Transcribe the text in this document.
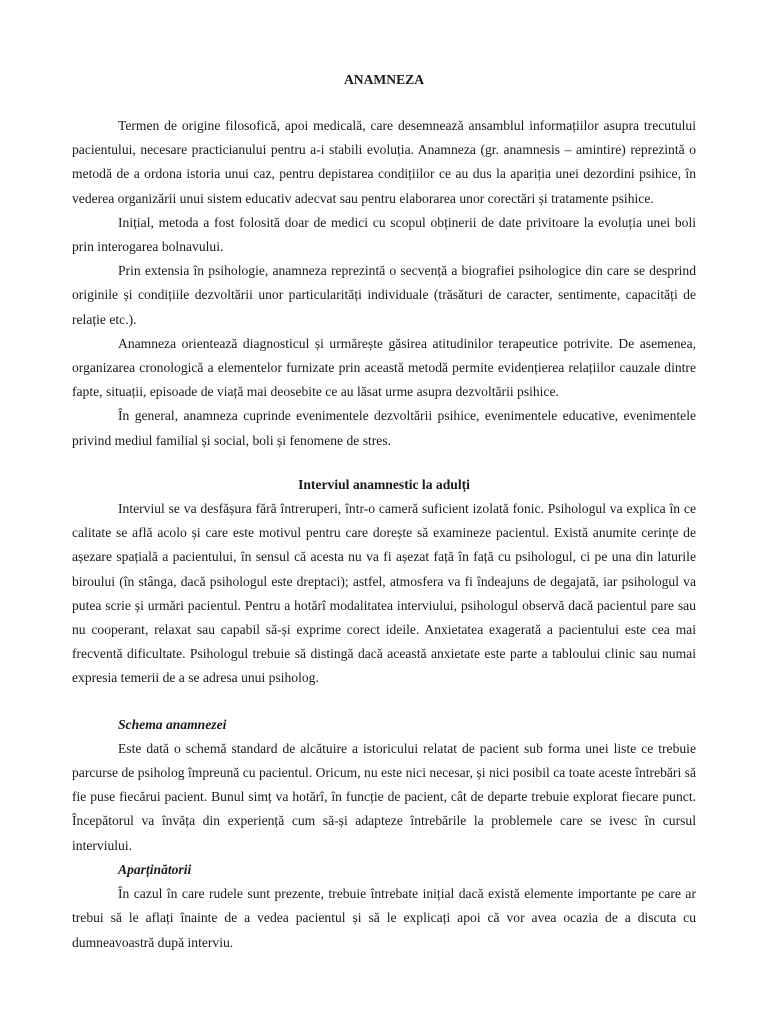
ANAMNEZA

Termen de origine filosofică, apoi medicală, care desemnează ansamblul informațiilor asupra trecutului pacientului, necesare practicianului pentru a-i stabili evoluția. Anamneza (gr. anamnesis – amintire) reprezintă o metodă de a ordona istoria unui caz, pentru depistarea condițiilor ce au dus la apariția unei dezordini psihice, în vederea organizării unui sistem educativ adecvat sau pentru elaborarea unor corectări și tratamente psihice.

Inițial, metoda a fost folosită doar de medici cu scopul obținerii de date privitoare la evoluția unei boli prin interogarea bolnavului.

Prin extensia în psihologie, anamneza reprezintă o secvență a biografiei psihologice din care se desprind originile și condițiile dezvoltării unor particularități individuale (trăsături de caracter, sentimente, capacități de relație etc.).

Anamneza orientează diagnosticul și urmărește găsirea atitudinilor terapeutice potrivite. De asemenea, organizarea cronologică a elementelor furnizate prin această metodă permite evidențierea relațiilor cauzale dintre fapte, situații, episoade de viață mai deosebite ce au lăsat urme asupra dezvoltării psihice.

În general, anamneza cuprinde evenimentele dezvoltării psihice, evenimentele educative, evenimentele privind mediul familial și social, boli și fenomene de stres.

Interviul anamnestic la adulți

Interviul se va desfășura fără întreruperi, într-o cameră suficient izolată fonic. Psihologul va explica în ce calitate se află acolo și care este motivul pentru care dorește să examineze pacientul. Există anumite cerințe de așezare spațială a pacientului, în sensul că acesta nu va fi așezat față în față cu psihologul, ci pe una din laturile biroului (în stânga, dacă psihologul este dreptaci); astfel, atmosfera va fi îndeajuns de degajată, iar psihologul va putea scrie și urmări pacientul. Pentru a hotărî modalitatea interviului, psihologul observă dacă pacientul pare sau nu cooperant, relaxat sau capabil să-și exprime corect ideile. Anxietatea exagerată a pacientului este cea mai frecventă dificultate. Psihologul trebuie să distingă dacă această anxietate este parte a tabloului clinic sau numai expresia temerii de a se adresa unui psiholog.

Schema anamnezei

Este dată o schemă standard de alcătuire a istoricului relatat de pacient sub forma unei liste ce trebuie parcurse de psiholog împreună cu pacientul. Oricum, nu este nici necesar, și nici posibil ca toate aceste întrebări să fie puse fiecărui pacient. Bunul simț va hotărî, în funcție de pacient, cât de departe trebuie explorat fiecare punct. Începătorul va învăța din experiență cum să-și adapteze întrebările la problemele care se ivesc în cursul interviului.

Aparținătorii

În cazul în care rudele sunt prezente, trebuie întrebate inițial dacă există elemente importante pe care ar trebui să le aflați înainte de a vedea pacientul și să le explicați apoi că vor avea ocazia de a discuta cu dumneavoastră după interviu.
